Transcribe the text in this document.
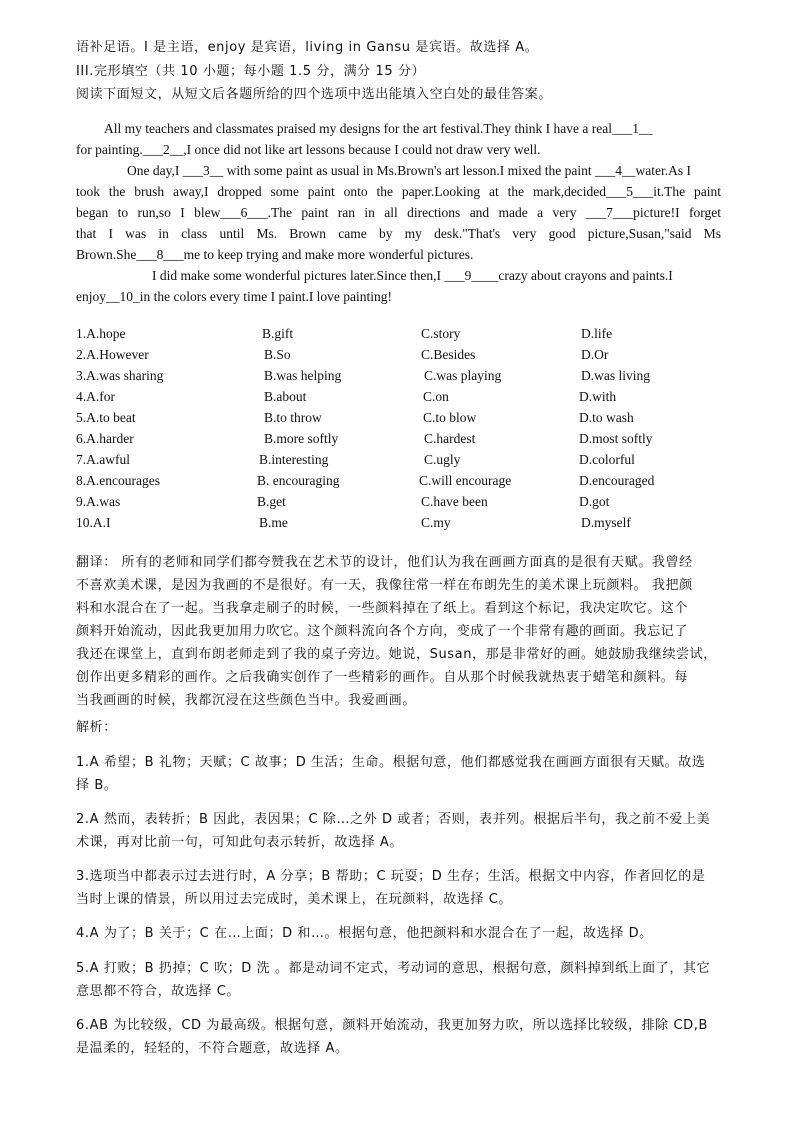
语补足语。I 是主语，enjoy 是宾语，living in Gansu 是宾语。故选择 A。
III.完形填空（共 10 小题；每小题 1.5 分，满分 15 分）
阅读下面短文，从短文后各题所给的四个选项中选出能填入空白处的最佳答案。
All my teachers and classmates praised my designs for the art festival.They think I have a real___1__
for painting.___2__,I once did not like art lessons because I could not draw very well.
One day,I ___3__ with some paint as usual in Ms.Brown's art lesson.I mixed the paint ___4__water.As I
took the brush away,I dropped some paint onto the paper.Looking at the mark,decided___5___it.The paint
began to run,so I blew___6___.The paint ran in all directions and made a very ___7___picture!I forget
that I was in class until Ms. Brown came by my desk."That's very good picture,Susan,"said Ms
Brown.She___8___me to keep trying and make more wonderful pictures.
I did make some wonderful pictures later.Since then,I ___9____crazy about crayons and paints.I
enjoy__10_in the colors every time I paint.I love painting!
1.A.hope	B.gift	C.story	D.life
2.A.However	B.So	C.Besides	D.Or
3.A.was sharing	B.was helping	C.was playing	D.was living
4.A.for	B.about	C.on	D.with
5.A.to beat	B.to throw	C.to blow	D.to wash
6.A.harder	B.more softly	C.hardest	D.most softly
7.A.awful	B.interesting	C.ugly	D.colorful
8.A.encourages	B. encouraging	C.will encourage	D.encouraged
9.A.was	B.get	C.have been	D.got
10.A.I	B.me	C.my	D.myself
翻译： 所有的老师和同学们都夸赞我在艺术节的设计，他们认为我在画画方面真的是很有天赋。我曾经
不喜欢美术课，是因为我画的不是很好。有一天，我像往常一样在布朗先生的美术课上玩颜料。 我把颜
料和水混合在了一起。当我拿走刷子的时候，一些颜料掉在了纸上。看到这个标记，我决定吹它。这个
颜料开始流动，因此我更加用力吹它。这个颜料流向各个方向，变成了一个非常有趣的画面。我忘记了
我还在课堂上，直到布朗老师走到了我的桌子旁边。她说，Susan，那是非常好的画。她鼓励我继续尝试，
创作出更多精彩的画作。之后我确实创作了一些精彩的画作。自从那个时候我就热衷于蜡笔和颜料。每
当我画画的时候，我都沉浸在这些颜色当中。我爱画画。
解析：
1.A 希望；B 礼物；天赋；C 故事；D 生活；生命。根据句意，他们都感觉我在画画方面很有天赋。故选
择 B。
2.A 然而，表转折；B 因此，表因果；C 除…之外 D 或者；否则，表并列。根据后半句，我之前不爱上美
术课，再对比前一句，可知此句表示转折，故选择 A。
3.选项当中都表示过去进行时，A 分享；B 帮助；C 玩耍；D 生存；生活。根据文中内容，作者回忆的是
当时上课的情景，所以用过去完成时，美术课上，在玩颜料，故选择 C。
4.A 为了；B 关于；C 在…上面；D 和…。根据句意，他把颜料和水混合在了一起，故选择 D。
5.A 打败；B 扔掉；C 吹；D 洗 。都是动词不定式，考动词的意思，根据句意，颜料掉到纸上面了，其它
意思都不符合，故选择 C。
6.AB 为比较级，CD 为最高级。根据句意，颜料开始流动，我更加努力吹，所以选择比较级，排除 CD,B
是温柔的，轻轻的，不符合题意，故选择 A。
